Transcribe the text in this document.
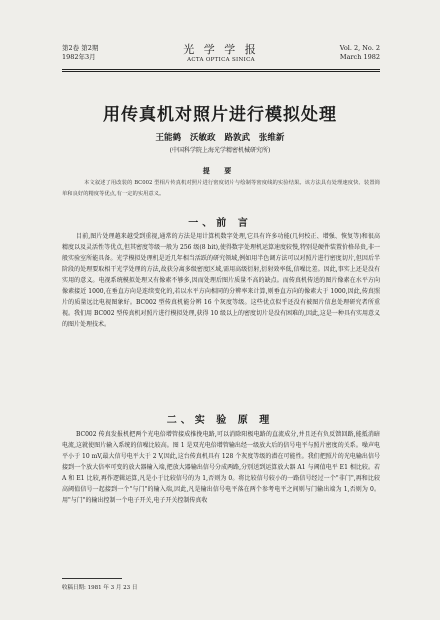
第2卷 第2期
1982年3月
光 学 学 报
ACTA OPTICA SINICA
Vol. 2, No. 2
March 1982
用传真机对照片进行模拟处理
王能鹤 沃敏政 路敦武 张维新
(中国科学院上海光学精密机械研究所)
提 要
本文叙述了用改装的 BC002 型相片传真机对照片进行密度切片与绘制等密度线的实验结果。该方法具有处理速度快、装置简单和良好的精度等优点,有一定的实用意义。
一、前 言

目前,图片处理越来越受到重视,通常的方法是用计算机数字处理,它具有许多功能(几何校正、增强、恢复等)和很高精度以及灵活性等优点,但其密度等级一般为 256 级(8 bit),使得数字处理机运算速度较慢,特别是硬件装置价格昂贵,非一般实验室所能具备。光学模拟处理机是近几年相当活跃的研究领域,例如用半色调方法可以对照片进行密度切片,但因后半阶段的处理要取相干光学处理的方法,故获分离多级密度区域,需用高级衍射,衍射效率低,信噪比差。因此,事实上还是没有实用的意义。电视系统模拟处理又有像素不够多,因而处理后图片质量不高的缺点。而传真机传送的图片像素在水平方向像素接近 1000,在垂直方向是连续变化的,若以水平方向相同的分辨率来计算,则垂直方向的像素大于 1000,因此,传真照片的质量远比电视图象好。BC002 型传真机能分辨 16 个灰度等级。这些优点似乎还没有被图片信息处理研究者所重视。我们用 BC002 型传真机对照片进行模拟处理,获得 10 级以上的密度切片是没有困难的,因此,这是一种具有实用意义的图片处理技术。

二、实 验 原 理

BC002 传真发报机把两个光电倍增管接成推挽电路,可以消除阳极电路的直流成分,并且还有负反馈回路,能抵消暗电流,这就使图片输入系统的信噪比较高。图 1 是双光电倍增管输出经一级放大后的信号电平与照片密度的关系。噪声电平小于 10 mV,最大信号电平大于 2 V,因此,这台传真机具有 128 个灰度等级的潜在可能性。我们把照片的光电输出信号接到一个放大倍率可变的放大器输入端,把放大器输出信号分成两路,分别送到运算放大器 A1 与阈值电平 E1 相比较。若 A 和 E1 比较,再作逻辑运算,凡是小于比较信号的为 1,否则为 0。将比较信号较小的一路信号经过一个"非门",再和比较高阈值信号一起接到一个"与门"的输入端,因此,凡是输出信号电平落在两个参考电平之间则与门输出端为 1,否则为 0。用"与门"的输出控制一个电子开关,电子开关控制传真收

收稿日期: 1981 年 3 月 23 日
